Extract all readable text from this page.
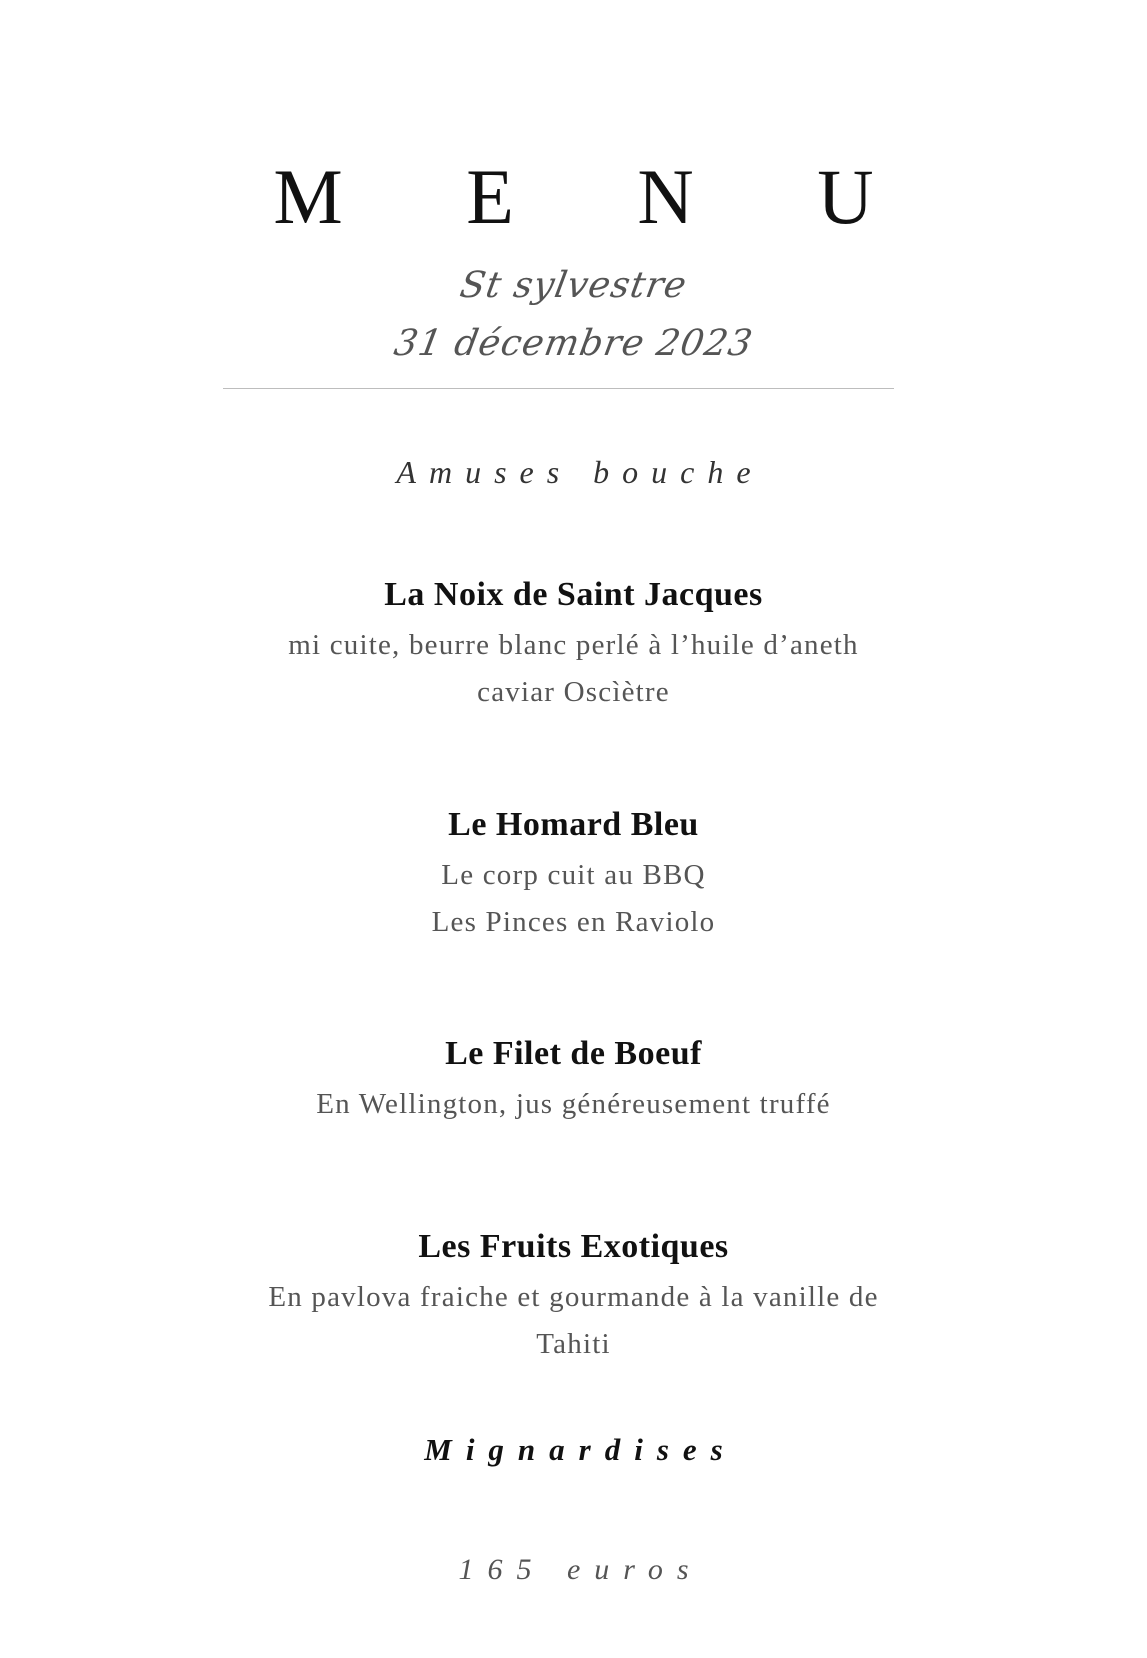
M E N U
St sylvestre
31 décembre 2023
Amuses bouche
La Noix de Saint Jacques
mi cuite, beurre blanc perlé à l’huile d’aneth
caviar Oscìètre
Le Homard Bleu
Le corp cuit au BBQ
Les Pinces en Raviolo
Le Filet de Boeuf
En Wellington, jus généreusement truffé
Les Fruits Exotiques
En pavlova fraiche et gourmande à la vanille de
Tahiti
Mignardises
165 euros
